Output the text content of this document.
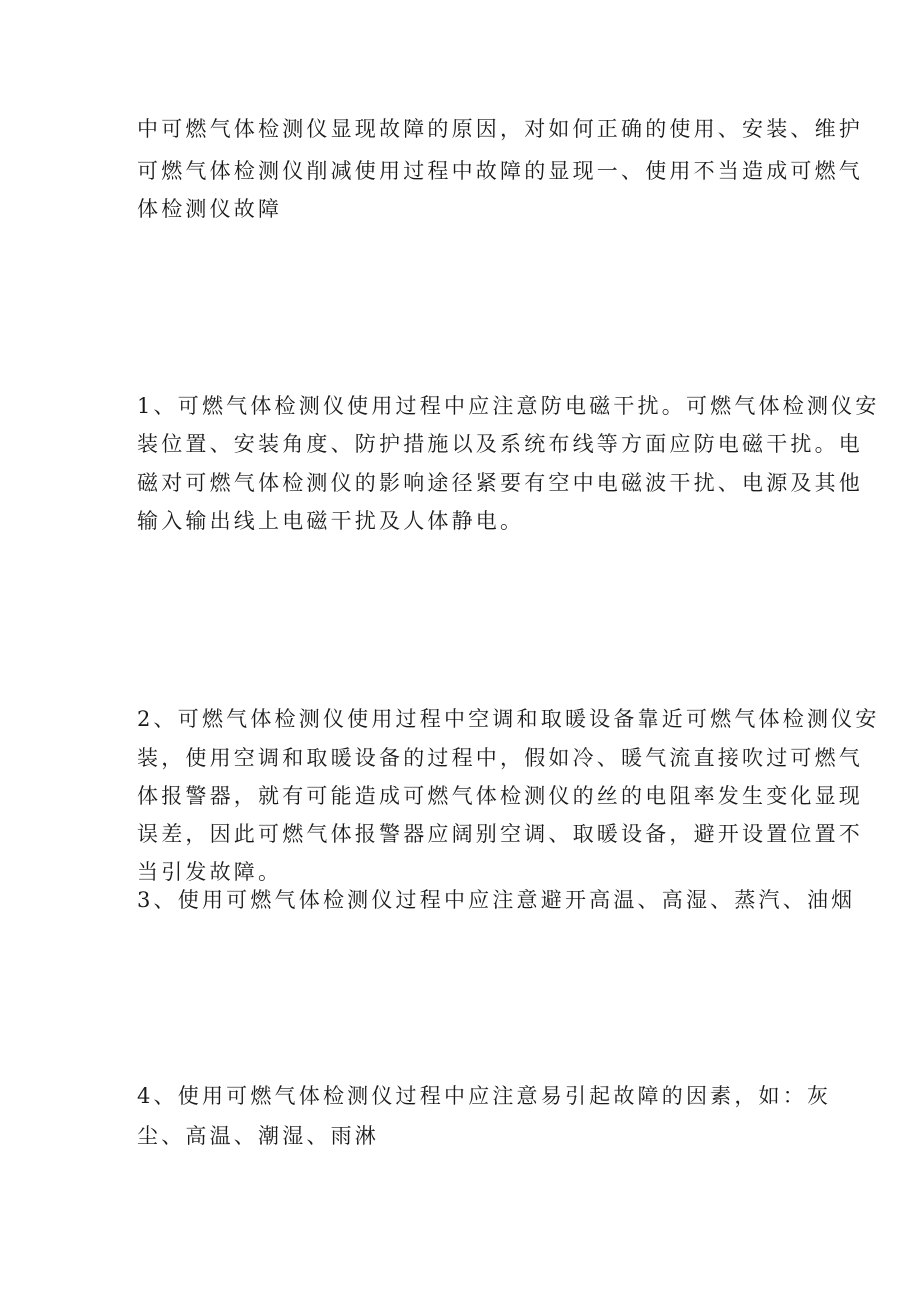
中可燃气体检测仪显现故障的原因，对如何正确的使用、安装、维护

可燃气体检测仪削减使用过程中故障的显现一、使用不当造成可燃气

体检测仪故障

1、可燃气体检测仪使用过程中应注意防电磁干扰。可燃气体检测仪安

装位置、安装角度、防护措施以及系统布线等方面应防电磁干扰。电

磁对可燃气体检测仪的影响途径紧要有空中电磁波干扰、电源及其他

输入输出线上电磁干扰及人体静电。

2、可燃气体检测仪使用过程中空调和取暖设备靠近可燃气体检测仪安

装，使用空调和取暖设备的过程中，假如冷、暖气流直接吹过可燃气

体报警器，就有可能造成可燃气体检测仪的丝的电阻率发生变化显现

误差，因此可燃气体报警器应阔别空调、取暖设备，避开设置位置不

当引发故障。

3、使用可燃气体检测仪过程中应注意避开高温、高湿、蒸汽、油烟

4、使用可燃气体检测仪过程中应注意易引起故障的因素，如：灰

尘、高温、潮湿、雨淋
